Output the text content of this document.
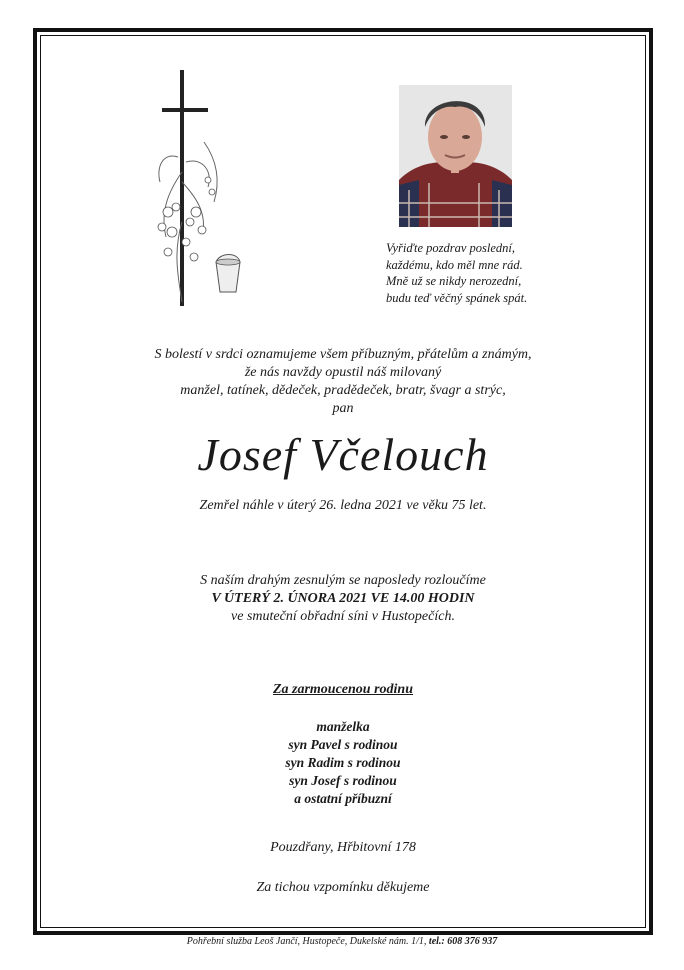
Vyřiďte pozdrav poslední,
každému, kdo měl mne rád.
Mně už se nikdy nerozední,
budu teď věčný spánek spát.
S bolestí v srdci oznamujeme všem příbuzným, přátelům a známým,
že nás navždy opustil náš milovaný
manžel, tatínek, dědeček, pradědeček, bratr, švagr a strýc,
pan
Josef Včelouch
Zemřel náhle v úterý 26. ledna 2021 ve věku 75 let.
S naším drahým zesnulým se naposledy rozloučíme
V ÚTERÝ 2. ÚNORA 2021 VE 14.00 HODIN
ve smuteční obřadní síni v Hustopečích.
Za zarmoucenou rodinu
manželka
syn Pavel s rodinou
syn Radim s rodinou
syn Josef s rodinou
a ostatní příbuzní
Pouzdřany, Hřbitovní 178
Za tichou vzpomínku děkujeme
Pohřební služba Leoš Jančí, Hustopeče, Dukelské nám. 1/1, tel.: 608 376 937
